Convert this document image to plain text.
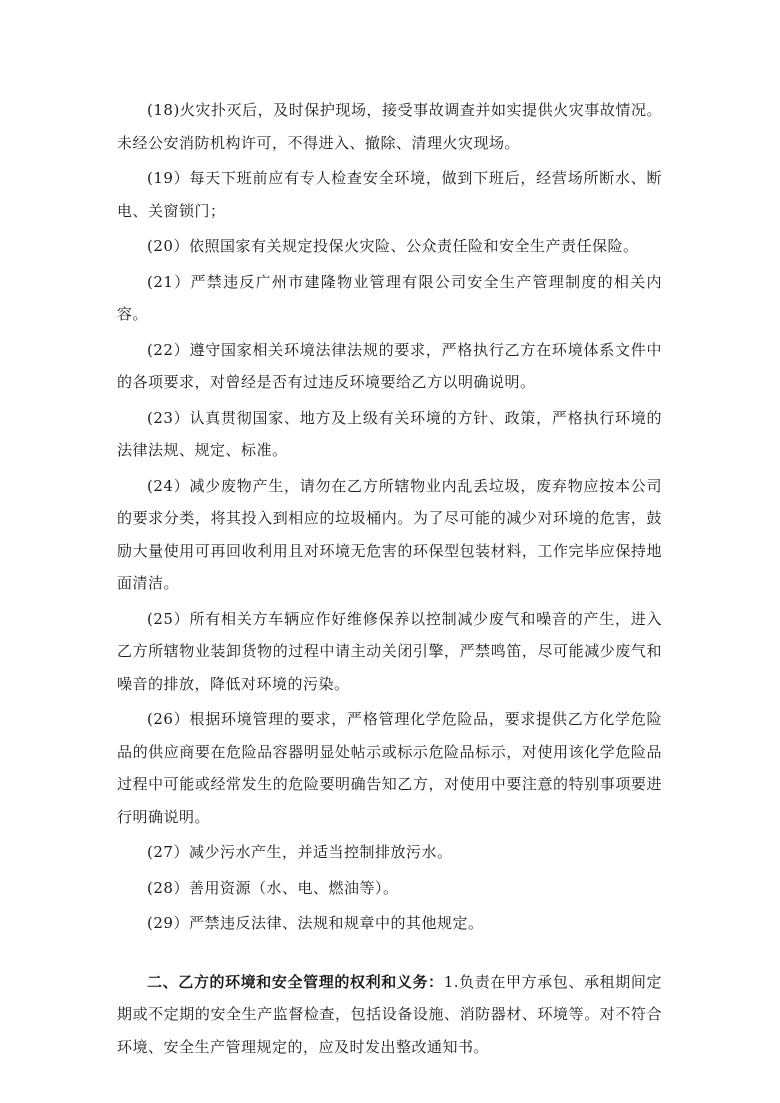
(18)火灾扑灭后，及时保护现场，接受事故调查并如实提供火灾事故情况。未经公安消防机构许可，不得进入、撤除、清理火灾现场。

(19）每天下班前应有专人检查安全环境，做到下班后，经营场所断水、断电、关窗锁门；

(20）依照国家有关规定投保火灾险、公众责任险和安全生产责任保险。

(21）严禁违反广州市建隆物业管理有限公司安全生产管理制度的相关内容。

(22）遵守国家相关环境法律法规的要求，严格执行乙方在环境体系文件中的各项要求，对曾经是否有过违反环境要给乙方以明确说明。

(23）认真贯彻国家、地方及上级有关环境的方针、政策，严格执行环境的法律法规、规定、标准。

(24）减少废物产生，请勿在乙方所辖物业内乱丢垃圾，废弃物应按本公司的要求分类，将其投入到相应的垃圾桶内。为了尽可能的减少对环境的危害，鼓励大量使用可再回收利用且对环境无危害的环保型包装材料，工作完毕应保持地面清洁。

(25）所有相关方车辆应作好维修保养以控制减少废气和噪音的产生，进入乙方所辖物业装卸货物的过程中请主动关闭引擎，严禁鸣笛，尽可能减少废气和噪音的排放，降低对环境的污染。

(26）根据环境管理的要求，严格管理化学危险品，要求提供乙方化学危险品的供应商要在危险品容器明显处帖示或标示危险品标示，对使用该化学危险品过程中可能或经常发生的危险要明确告知乙方，对使用中要注意的特别事项要进行明确说明。

(27）减少污水产生，并适当控制排放污水。

(28）善用资源（水、电、燃油等）。

(29）严禁违反法律、法规和规章中的其他规定。

二、乙方的环境和安全管理的权利和义务：1.负责在甲方承包、承租期间定期或不定期的安全生产监督检查，包括设备设施、消防器材、环境等。对不符合环境、安全生产管理规定的，应及时发出整改通知书。
